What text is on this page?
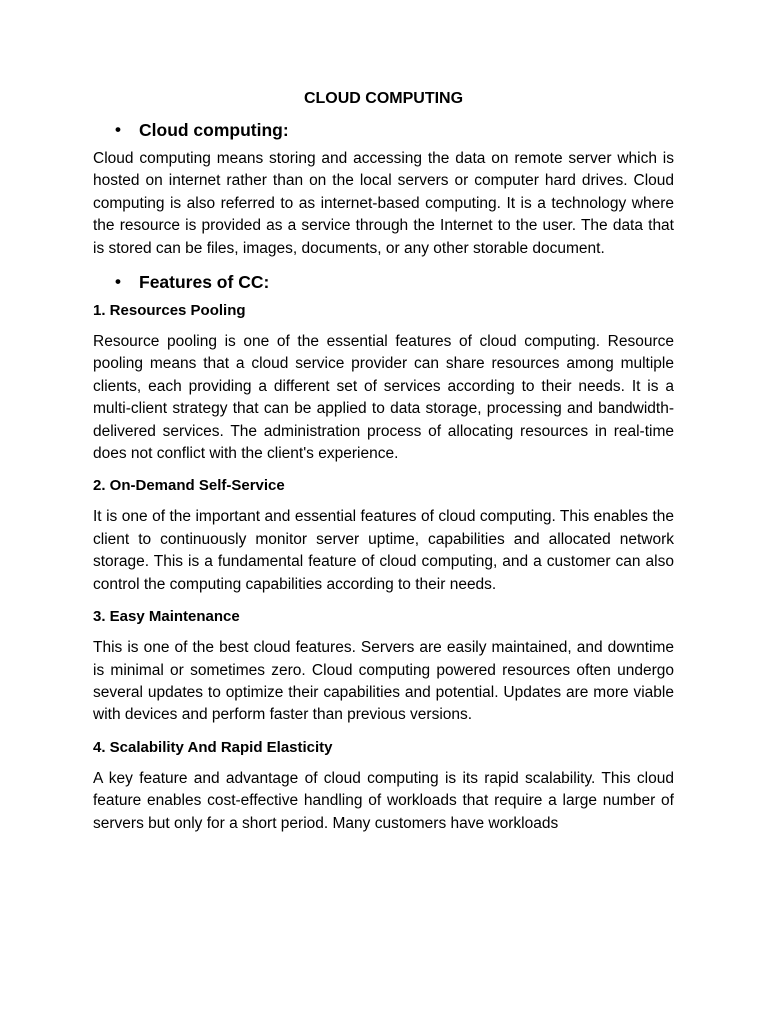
CLOUD COMPUTING
• Cloud computing:

Cloud computing means storing and accessing the data on remote server which is hosted on internet rather than on the local servers or computer hard drives. Cloud computing is also referred to as internet-based computing. It is a technology where the resource is provided as a service through the Internet to the user. The data that is stored can be files, images, documents, or any other storable document.

• Features of CC:
1. Resources Pooling

Resource pooling is one of the essential features of cloud computing. Resource pooling means that a cloud service provider can share resources among multiple clients, each providing a different set of services according to their needs. It is a multi-client strategy that can be applied to data storage, processing and bandwidth-delivered services. The administration process of allocating resources in real-time does not conflict with the client's experience.

2. On-Demand Self-Service

It is one of the important and essential features of cloud computing. This enables the client to continuously monitor server uptime, capabilities and allocated network storage. This is a fundamental feature of cloud computing, and a customer can also control the computing capabilities according to their needs.

3. Easy Maintenance

This is one of the best cloud features. Servers are easily maintained, and downtime is minimal or sometimes zero. Cloud computing powered resources often undergo several updates to optimize their capabilities and potential. Updates are more viable with devices and perform faster than previous versions.

4. Scalability And Rapid Elasticity

A key feature and advantage of cloud computing is its rapid scalability. This cloud feature enables cost-effective handling of workloads that require a large number of servers but only for a short period. Many customers have workloads
